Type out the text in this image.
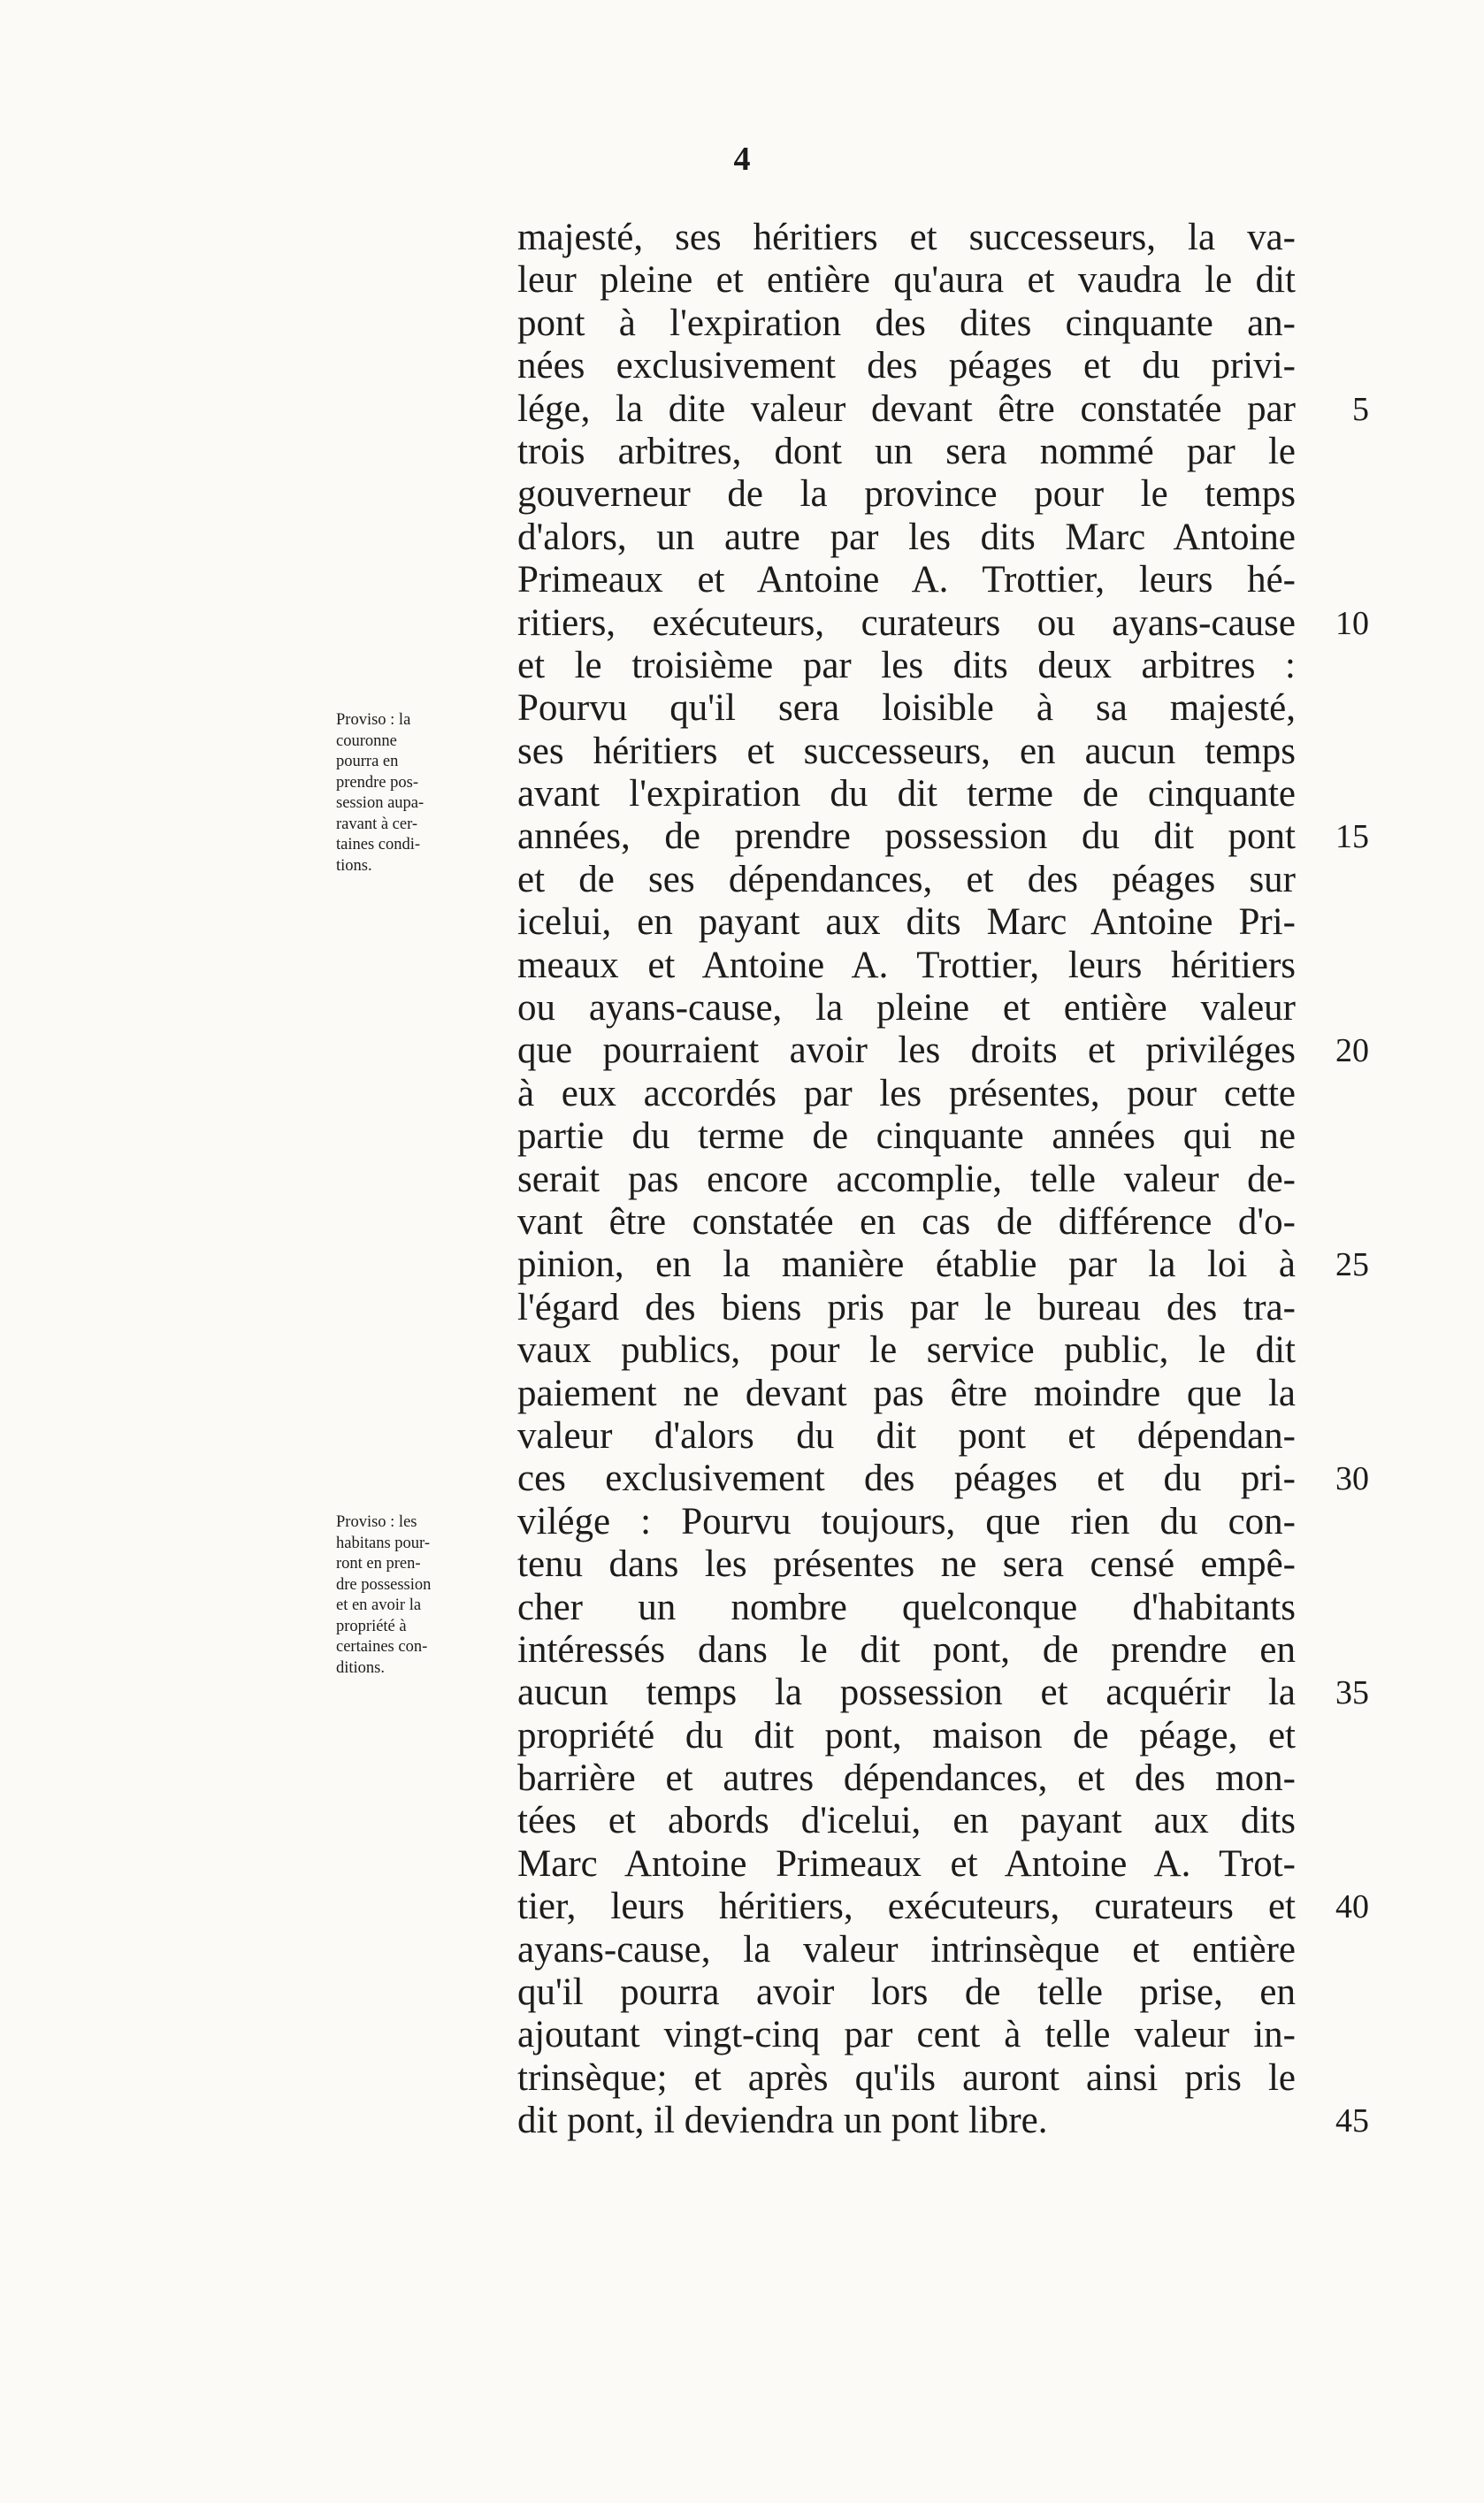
4
Proviso : la
couronne
pourra en
prendre pos-
session aupa-
ravant à cer-
taines condi-
tions.
Proviso : les
habitans pour-
ront en pren-
dre possession
et en avoir la
propriété à
certaines con-
ditions.
majesté, ses héritiers et successeurs, la va-
leur pleine et entière qu'aura et vaudra le dit
pont à l'expiration des dites cinquante an-
nées exclusivement des péages et du privi-
lége, la dite valeur devant être constatée par
trois arbitres, dont un sera nommé par le
gouverneur de la province pour le temps
d'alors, un autre par les dits Marc Antoine
Primeaux et Antoine A. Trottier, leurs hé-
ritiers, exécuteurs, curateurs ou ayans-cause
et le troisième par les dits deux arbitres :
Pourvu qu'il sera loisible à sa majesté,
ses héritiers et successeurs, en aucun temps
avant l'expiration du dit terme de cinquante
années, de prendre possession du dit pont
et de ses dépendances, et des péages sur
icelui, en payant aux dits Marc Antoine Pri-
meaux et Antoine A. Trottier, leurs héritiers
ou ayans-cause, la pleine et entière valeur
que pourraient avoir les droits et priviléges
à eux accordés par les présentes, pour cette
partie du terme de cinquante années qui ne
serait pas encore accomplie, telle valeur de-
vant être constatée en cas de différence d'o-
pinion, en la manière établie par la loi à
l'égard des biens pris par le bureau des tra-
vaux publics, pour le service public, le dit
paiement ne devant pas être moindre que la
valeur d'alors du dit pont et dépendan-
ces exclusivement des péages et du pri-
vilége : Pourvu toujours, que rien du con-
tenu dans les présentes ne sera censé empê-
cher un nombre quelconque d'habitants
intéressés dans le dit pont, de prendre en
aucun temps la possession et acquérir la
propriété du dit pont, maison de péage, et
barrière et autres dépendances, et des mon-
tées et abords d'icelui, en payant aux dits
Marc Antoine Primeaux et Antoine A. Trot-
tier, leurs héritiers, exécuteurs, curateurs et
ayans-cause, la valeur intrinsèque et entière
qu'il pourra avoir lors de telle prise, en
ajoutant vingt-cinq par cent à telle valeur in-
trinsèque; et après qu'ils auront ainsi pris le
dit pont, il deviendra un pont libre.
5
10
15
20
25
30
35
40
45
